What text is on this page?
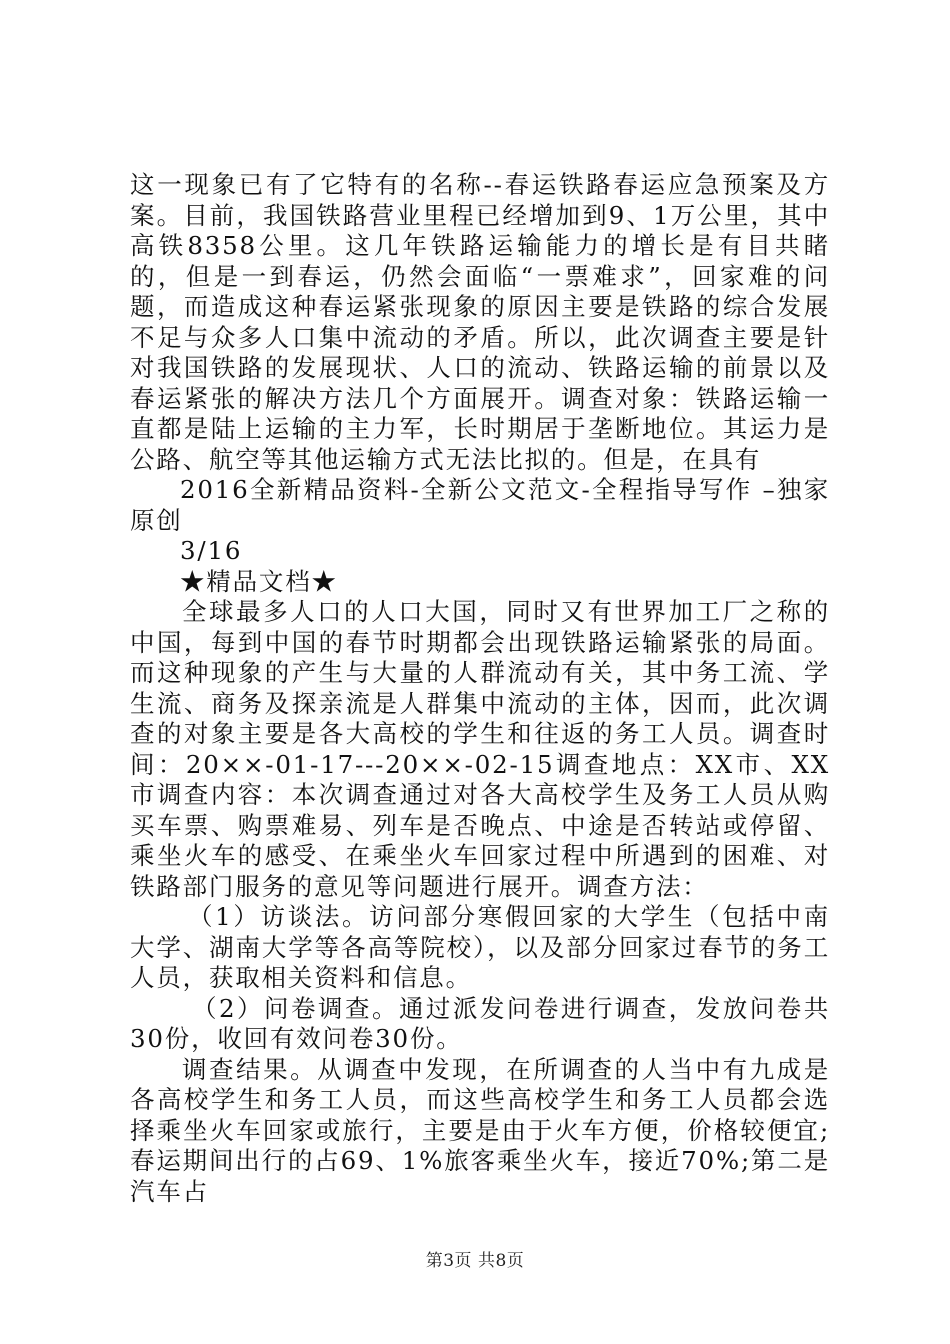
这一现象已有了它特有的名称--春运铁路春运应急预案及方案。目前，我国铁路营业里程已经增加到9、1万公里，其中高铁8358公里。这几年铁路运输能力的增长是有目共睹的，但是一到春运，仍然会面临“一票难求”，回家难的问题，而造成这种春运紧张现象的原因主要是铁路的综合发展不足与众多人口集中流动的矛盾。所以，此次调查主要是针对我国铁路的发展现状、人口的流动、铁路运输的前景以及春运紧张的解决方法几个方面展开。调查对象：铁路运输一直都是陆上运输的主力军，长时期居于垄断地位。其运力是公路、航空等其他运输方式无法比拟的。但是，在具有

2016全新精品资料-全新公文范文-全程指导写作 –独家原创

3/16

★精品文档★

全球最多人口的人口大国，同时又有世界加工厂之称的中国，每到中国的春节时期都会出现铁路运输紧张的局面。而这种现象的产生与大量的人群流动有关，其中务工流、学生流、商务及探亲流是人群集中流动的主体，因而，此次调查的对象主要是各大高校的学生和往返的务工人员。调查时间：20××-01-17---20××-02-15调查地点：XX市、XX市调查内容：本次调查通过对各大高校学生及务工人员从购买车票、购票难易、列车是否晚点、中途是否转站或停留、乘坐火车的感受、在乘坐火车回家过程中所遇到的困难、对铁路部门服务的意见等问题进行展开。调查方法：

（1）访谈法。访问部分寒假回家的大学生（包括中南大学、湖南大学等各高等院校），以及部分回家过春节的务工人员，获取相关资料和信息。

（2）问卷调查。通过派发问卷进行调查，发放问卷共30份，收回有效问卷30份。

调查结果。从调查中发现，在所调查的人当中有九成是各高校学生和务工人员，而这些高校学生和务工人员都会选择乘坐火车回家或旅行，主要是由于火车方便，价格较便宜;春运期间出行的占69、1%旅客乘坐火车，接近70%;第二是汽车占

第3页 共8页
